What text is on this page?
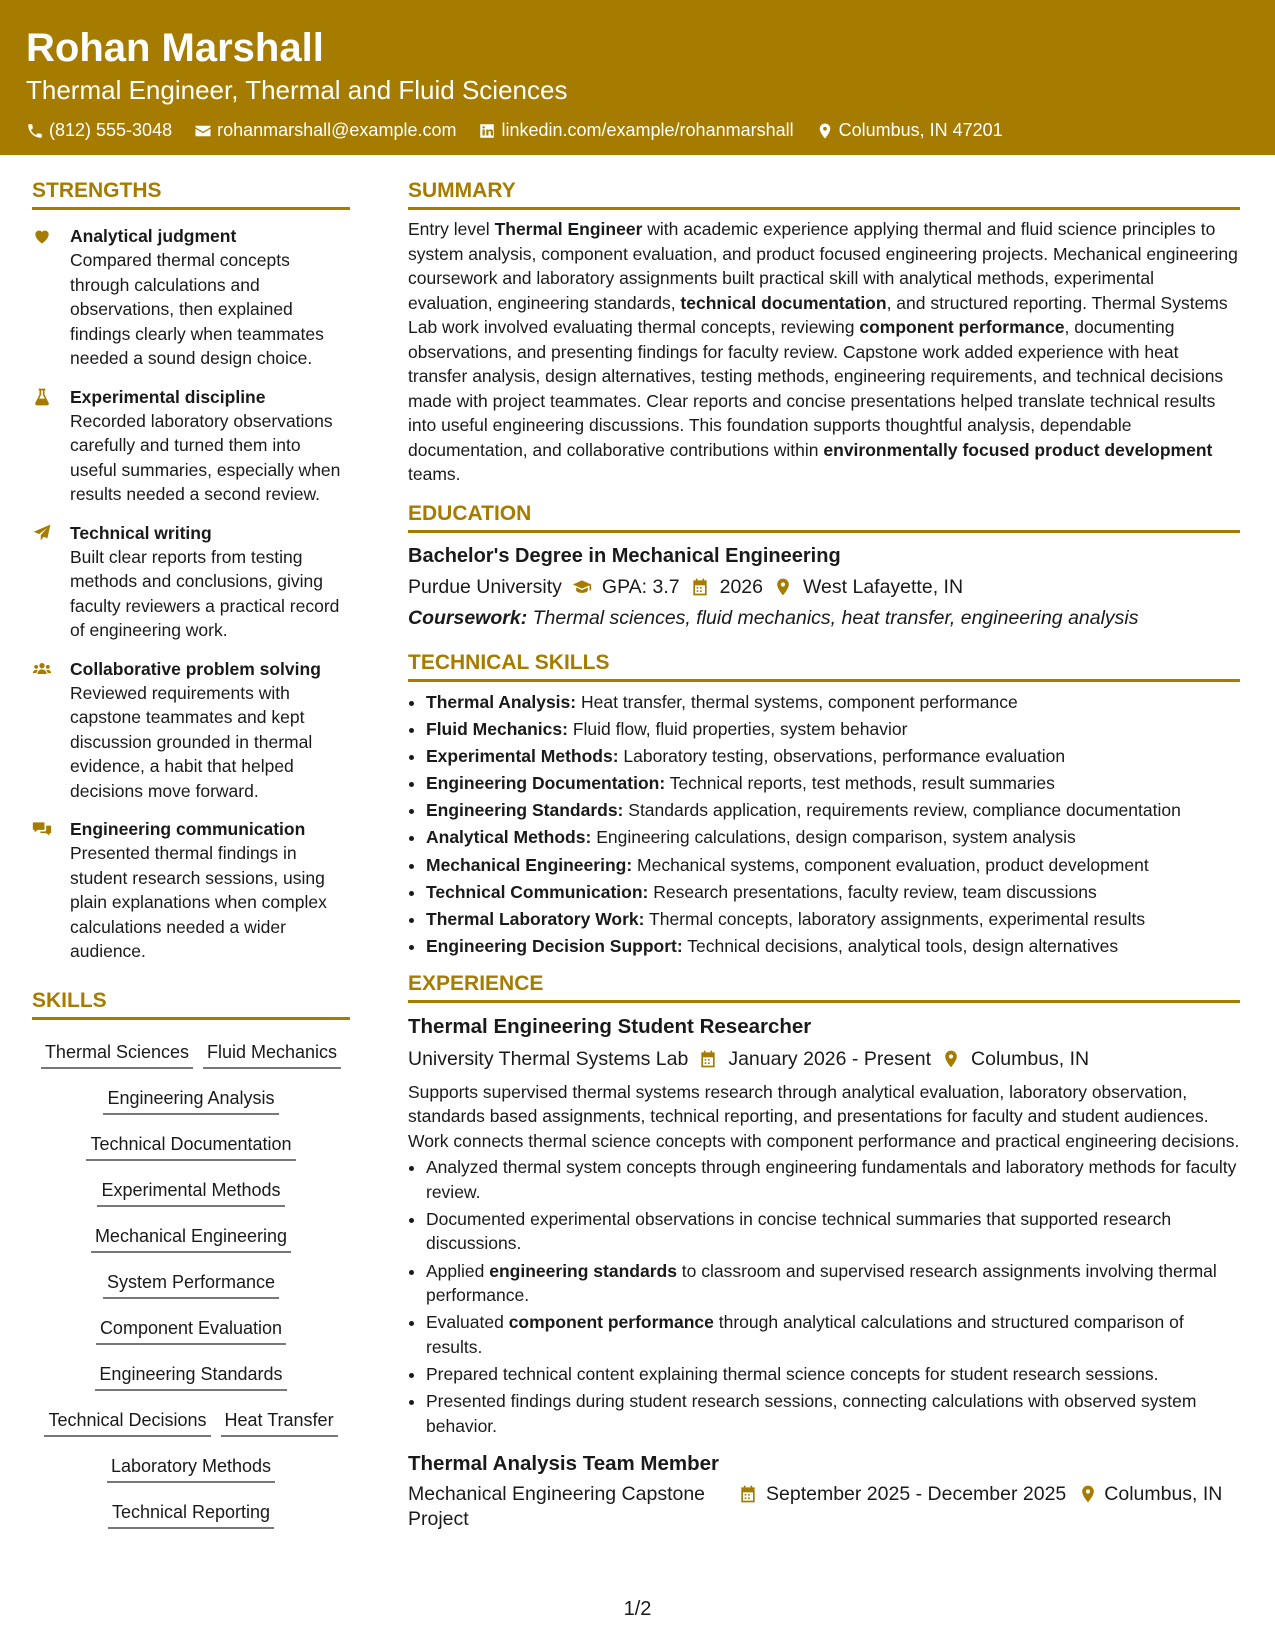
Rohan Marshall
Thermal Engineer, Thermal and Fluid Sciences
(812) 555-3048	rohanmarshall@example.com	linkedin.com/example/rohanmarshall	Columbus, IN 47201
STRENGTHS
Analytical judgment
Compared thermal concepts through calculations and observations, then explained findings clearly when teammates needed a sound design choice.
Experimental discipline
Recorded laboratory observations carefully and turned them into useful summaries, especially when results needed a second review.
Technical writing
Built clear reports from testing methods and conclusions, giving faculty reviewers a practical record of engineering work.
Collaborative problem solving
Reviewed requirements with capstone teammates and kept discussion grounded in thermal evidence, a habit that helped decisions move forward.
Engineering communication
Presented thermal findings in student research sessions, using plain explanations when complex calculations needed a wider audience.
SKILLS
Thermal Sciences Fluid Mechanics
Engineering Analysis
Technical Documentation
Experimental Methods
Mechanical Engineering
System Performance
Component Evaluation
Engineering Standards
Technical Decisions Heat Transfer
Laboratory Methods
Technical Reporting
SUMMARY
Entry level Thermal Engineer with academic experience applying thermal and fluid science principles to system analysis, component evaluation, and product focused engineering projects. Mechanical engineering coursework and laboratory assignments built practical skill with analytical methods, experimental evaluation, engineering standards, technical documentation, and structured reporting. Thermal Systems Lab work involved evaluating thermal concepts, reviewing component performance, documenting observations, and presenting findings for faculty review. Capstone work added experience with heat transfer analysis, design alternatives, testing methods, engineering requirements, and technical decisions made with project teammates. Clear reports and concise presentations helped translate technical results into useful engineering discussions. This foundation supports thoughtful analysis, dependable documentation, and collaborative contributions within environmentally focused product development teams.
EDUCATION
Bachelor's Degree in Mechanical Engineering
Purdue University GPA: 3.7 2026 West Lafayette, IN
Coursework: Thermal sciences, fluid mechanics, heat transfer, engineering analysis
TECHNICAL SKILLS
• Thermal Analysis: Heat transfer, thermal systems, component performance
• Fluid Mechanics: Fluid flow, fluid properties, system behavior
• Experimental Methods: Laboratory testing, observations, performance evaluation
• Engineering Documentation: Technical reports, test methods, result summaries
• Engineering Standards: Standards application, requirements review, compliance documentation
• Analytical Methods: Engineering calculations, design comparison, system analysis
• Mechanical Engineering: Mechanical systems, component evaluation, product development
• Technical Communication: Research presentations, faculty review, team discussions
• Thermal Laboratory Work: Thermal concepts, laboratory assignments, experimental results
• Engineering Decision Support: Technical decisions, analytical tools, design alternatives
EXPERIENCE
Thermal Engineering Student Researcher
University Thermal Systems Lab January 2026 - Present Columbus, IN
Supports supervised thermal systems research through analytical evaluation, laboratory observation, standards based assignments, technical reporting, and presentations for faculty and student audiences. Work connects thermal science concepts with component performance and practical engineering decisions.
• Analyzed thermal system concepts through engineering fundamentals and laboratory methods for faculty review.
• Documented experimental observations in concise technical summaries that supported research discussions.
• Applied engineering standards to classroom and supervised research assignments involving thermal performance.
• Evaluated component performance through analytical calculations and structured comparison of results.
• Prepared technical content explaining thermal science concepts for student research sessions.
• Presented findings during student research sessions, connecting calculations with observed system behavior.
Thermal Analysis Team Member
Mechanical Engineering Capstone Project
September 2025 - December 2025 Columbus, IN
1/2
